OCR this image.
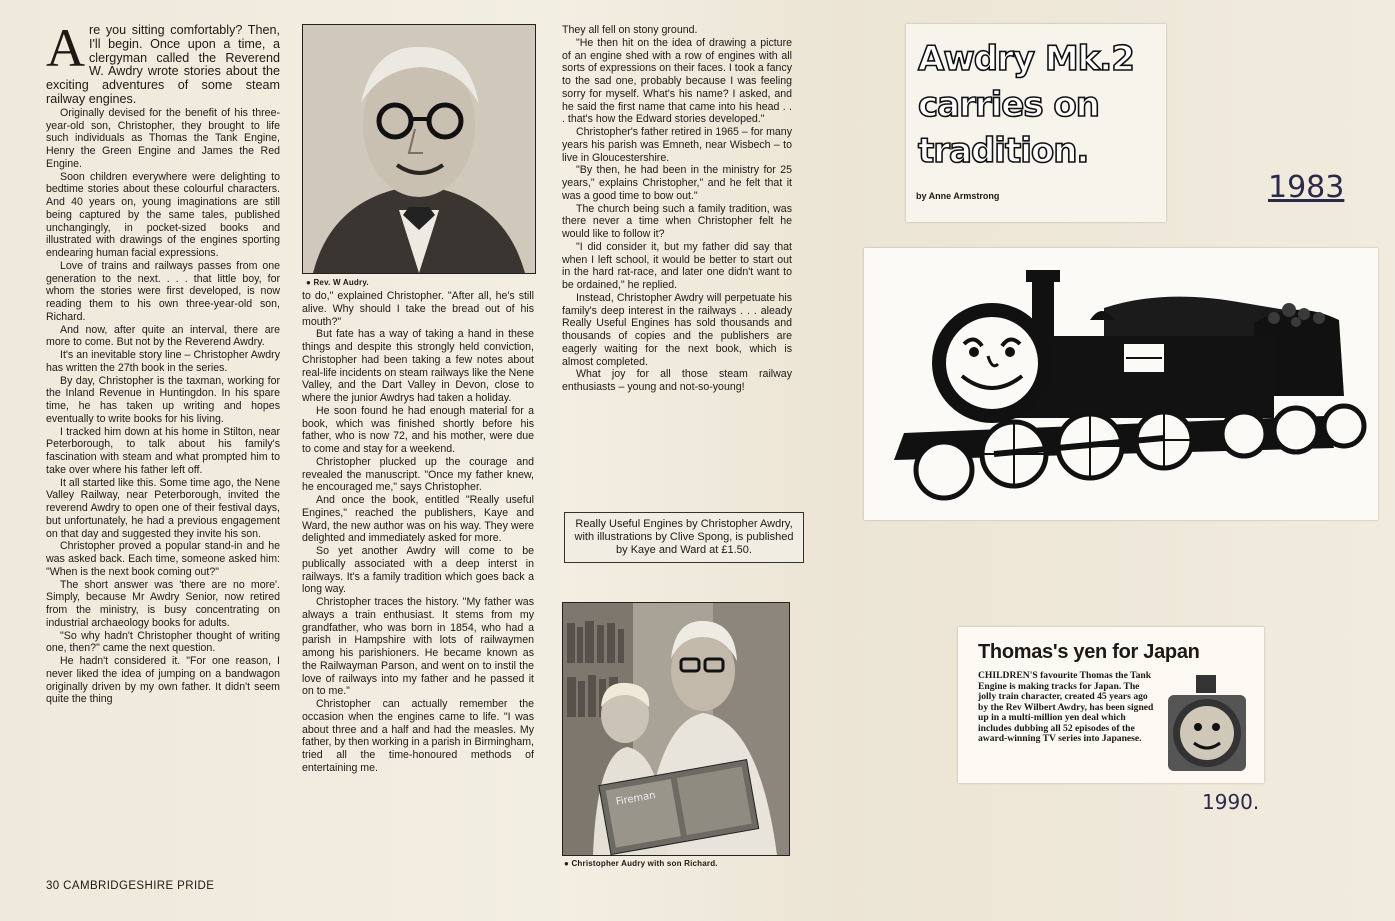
Are you sitting comfortably? Then, I'll begin. Once upon a time, a clergyman called the Reverend W. Awdry wrote stories about the exciting adventures of some steam railway engines.

Originally devised for the benefit of his three-year-old son, Christopher, they brought to life such individuals as Thomas the Tank Engine, Henry the Green Engine and James the Red Engine.

Soon children everywhere were delighting to bedtime stories about these colourful characters. And 40 years on, young imaginations are still being captured by the same tales, published unchangingly, in pocket-sized books and illustrated with drawings of the engines sporting endearing human facial expressions.

Love of trains and railways passes from one generation to the next. . . . that little boy, for whom the stories were first developed, is now reading them to his own three-year-old son, Richard.

And now, after quite an interval, there are more to come. But not by the Reverend Awdry.

It's an inevitable story line – Christopher Awdry has written the 27th book in the series.

By day, Christopher is the taxman, working for the Inland Revenue in Huntingdon. In his spare time, he has taken up writing and hopes eventually to write books for his living.

I tracked him down at his home in Stilton, near Peterborough, to talk about his family's fascination with steam and what prompted him to take over where his father left off.

It all started like this. Some time ago, the Nene Valley Railway, near Peterborough, invited the reverend Awdry to open one of their festival days, but unfortunately, he had a previous engagement on that day and suggested they invite his son.

Christopher proved a popular stand-in and he was asked back. Each time, someone asked him: "When is the next book coming out?"

The short answer was 'there are no more'. Simply, because Mr Awdry Senior, now retired from the ministry, is busy concentrating on industrial archaeology books for adults.

"So why hadn't Christopher thought of writing one, then?" came the next question.

He hadn't considered it. "For one reason, I never liked the idea of jumping on a bandwagon originally driven by my own father. It didn't seem quite the thing

● Rev. W Audry.

to do," explained Christopher. "After all, he's still alive. Why should I take the bread out of his mouth?"

But fate has a way of taking a hand in these things and despite this strongly held conviction, Christopher had been taking a few notes about real-life incidents on steam railways like the Nene Valley, and the Dart Valley in Devon, close to where the junior Awdrys had taken a holiday.

He soon found he had enough material for a book, which was finished shortly before his father, who is now 72, and his mother, were due to come and stay for a weekend.

Christopher plucked up the courage and revealed the manuscript. "Once my father knew, he encouraged me," says Christopher.

And once the book, entitled "Really useful Engines," reached the publishers, Kaye and Ward, the new author was on his way. They were delighted and immediately asked for more.

So yet another Awdry will come to be publically associated with a deep interst in railways. It's a family tradition which goes back a long way.

Christopher traces the history. "My father was always a train enthusiast. It stems from my grandfather, who was born in 1854, who had a parish in Hampshire with lots of railwaymen among his parishioners. He became known as the Railwayman Parson, and went on to instil the love of railways into my father and he passed it on to me."

Christopher can actually remember the occasion when the engines came to life. "I was about three and a half and had the measles. My father, by then working in a parish in Birmingham, tried all the time-honoured methods of entertaining me.

They all fell on stony ground.

"He then hit on the idea of drawing a picture of an engine shed with a row of engines with all sorts of expressions on their faces. I took a fancy to the sad one, probably because I was feeling sorry for myself. What's his name? I asked, and he said the first name that came into his head . . . that's how the Edward stories developed."

Christopher's father retired in 1965 – for many years his parish was Emneth, near Wisbech – to live in Gloucestershire.

"By then, he had been in the ministry for 25 years," explains Christopher," and he felt that it was a good time to bow out."

The church being such a family tradition, was there never a time when Christopher felt he would like to follow it?

"I did consider it, but my father did say that when I left school, it would be better to start out in the hard rat-race, and later one didn't want to be ordained," he replied.

Instead, Christopher Awdry will perpetuate his family's deep interest in the railways . . . aleady Really Useful Engines has sold thousands and thousands of copies and the publishers are eagerly waiting for the next book, which is almost completed.

What joy for all those steam railway enthusiasts – young and not-so-young!

Really Useful Engines by Christopher Awdry, with illustrations by Clive Spong, is published by Kaye and Ward at £1.50.
Fireman
● Christopher Audry with son Richard.
30 CAMBRIDGESHIRE PRIDE
Awdry Mk.2
carries on
tradition.
by Anne Armstrong	1983
Thomas's yen for Japan
CHILDREN'S favourite Thomas the Tank Engine is making tracks for Japan. The jolly train character, created 45 years ago by the Rev Wilbert Awdry, has been signed up in a multi-million yen deal which includes dubbing all 52 episodes of the award-winning TV series into Japanese.
1990.
